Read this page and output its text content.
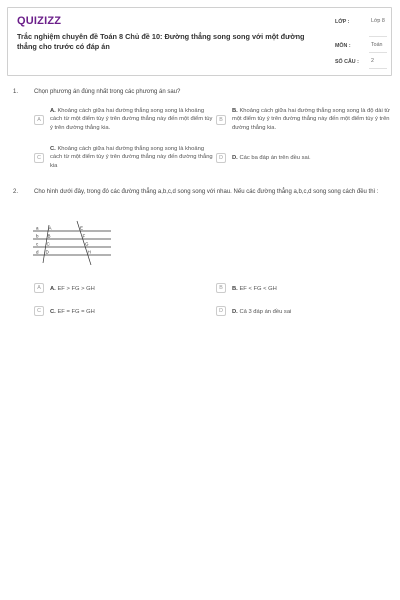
QUIZIZZ
Trắc nghiệm chuyên đề Toán 8 Chủ đề 10: Đường thẳng song song với một đường thẳng cho trước có đáp án
LỚP :	Lớp 8
MÔN :	Toán
SỐ CÂU : 2
1.	Chọn phương án đúng nhất trong các phương án sau?
A
A. Khoảng cách giữa hai đường thẳng song song là khoảng cách từ một điểm tùy ý trên đường thẳng này đến một điểm tùy ý trên đường thẳng kia.
B
B. Khoảng cách giữa hai đường thẳng song song là độ dài từ một điểm tùy ý trên đường thẳng này đến một điểm tùy ý trên đường thẳng kia.
C
C. Khoảng cách giữa hai đường thẳng song song là khoảng cách từ một điểm tùy ý trên đường thẳng này đến đường thẳng kia
D	D. Các ba đáp án trên đều sai.
2.	Cho hình dưới đây, trong đó các đường thẳng a,b,c,d song song với nhau. Nếu các đường thẳng a,b,c,d song song cách đều thì :
a
b
c
d
A
B
C
D
E
F
G
H
A	A. EF > FG > GH	B	B. EF < FG < GH
C	C. EF = FG = GH	D	D. Cả 3 đáp án đều sai
